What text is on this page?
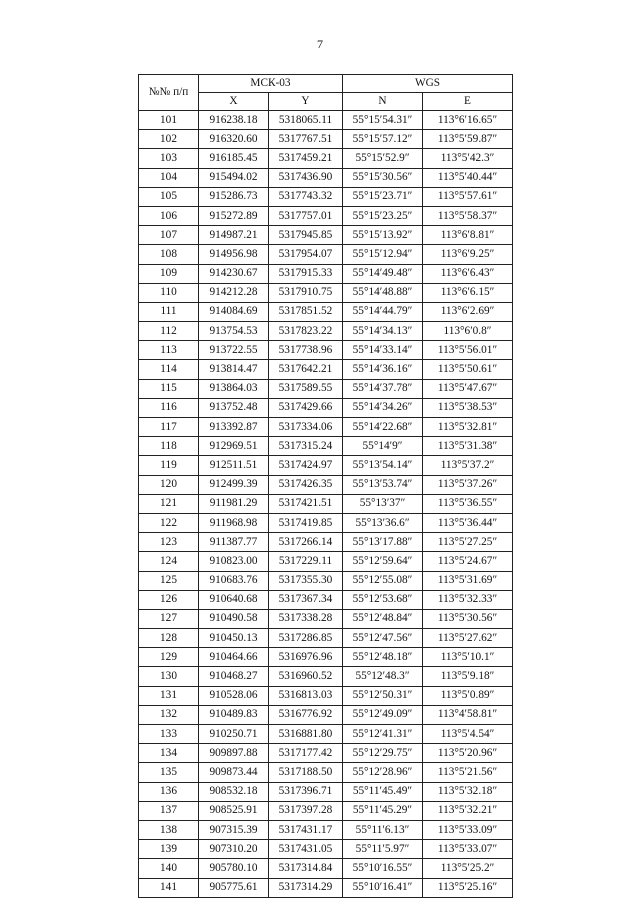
7
№№ п/п	МСК-03		WGS	
	X	Y	N	E
101	916238.18	5318065.11	55°15′54.31″	113°6′16.65″
102	916320.60	5317767.51	55°15′57.12″	113°5′59.87″
103	916185.45	5317459.21	55°15′52.9″	113°5′42.3″
104	915494.02	5317436.90	55°15′30.56″	113°5′40.44″
105	915286.73	5317743.32	55°15′23.71″	113°5′57.61″
106	915272.89	5317757.01	55°15′23.25″	113°5′58.37″
107	914987.21	5317945.85	55°15′13.92″	113°6′8.81″
108	914956.98	5317954.07	55°15′12.94″	113°6′9.25″
109	914230.67	5317915.33	55°14′49.48″	113°6′6.43″
110	914212.28	5317910.75	55°14′48.88″	113°6′6.15″
111	914084.69	5317851.52	55°14′44.79″	113°6′2.69″
112	913754.53	5317823.22	55°14′34.13″	113°6′0.8″
113	913722.55	5317738.96	55°14′33.14″	113°5′56.01″
114	913814.47	5317642.21	55°14′36.16″	113°5′50.61″
115	913864.03	5317589.55	55°14′37.78″	113°5′47.67″
116	913752.48	5317429.66	55°14′34.26″	113°5′38.53″
117	913392.87	5317334.06	55°14′22.68″	113°5′32.81″
118	912969.51	5317315.24	55°14′9″	113°5′31.38″
119	912511.51	5317424.97	55°13′54.14″	113°5′37.2″
120	912499.39	5317426.35	55°13′53.74″	113°5′37.26″
121	911981.29	5317421.51	55°13′37″	113°5′36.55″
122	911968.98	5317419.85	55°13′36.6″	113°5′36.44″
123	911387.77	5317266.14	55°13′17.88″	113°5′27.25″
124	910823.00	5317229.11	55°12′59.64″	113°5′24.67″
125	910683.76	5317355.30	55°12′55.08″	113°5′31.69″
126	910640.68	5317367.34	55°12′53.68″	113°5′32.33″
127	910490.58	5317338.28	55°12′48.84″	113°5′30.56″
128	910450.13	5317286.85	55°12′47.56″	113°5′27.62″
129	910464.66	5316976.96	55°12′48.18″	113°5′10.1″
130	910468.27	5316960.52	55°12′48.3″	113°5′9.18″
131	910528.06	5316813.03	55°12′50.31″	113°5′0.89″
132	910489.83	5316776.92	55°12′49.09″	113°4′58.81″
133	910250.71	5316881.80	55°12′41.31″	113°5′4.54″
134	909897.88	5317177.42	55°12′29.75″	113°5′20.96″
135	909873.44	5317188.50	55°12′28.96″	113°5′21.56″
136	908532.18	5317396.71	55°11′45.49″	113°5′32.18″
137	908525.91	5317397.28	55°11′45.29″	113°5′32.21″
138	907315.39	5317431.17	55°11′6.13″	113°5′33.09″
139	907310.20	5317431.05	55°11′5.97″	113°5′33.07″
140	905780.10	5317314.84	55°10′16.55″	113°5′25.2″
141	905775.61	5317314.29	55°10′16.41″	113°5′25.16″
